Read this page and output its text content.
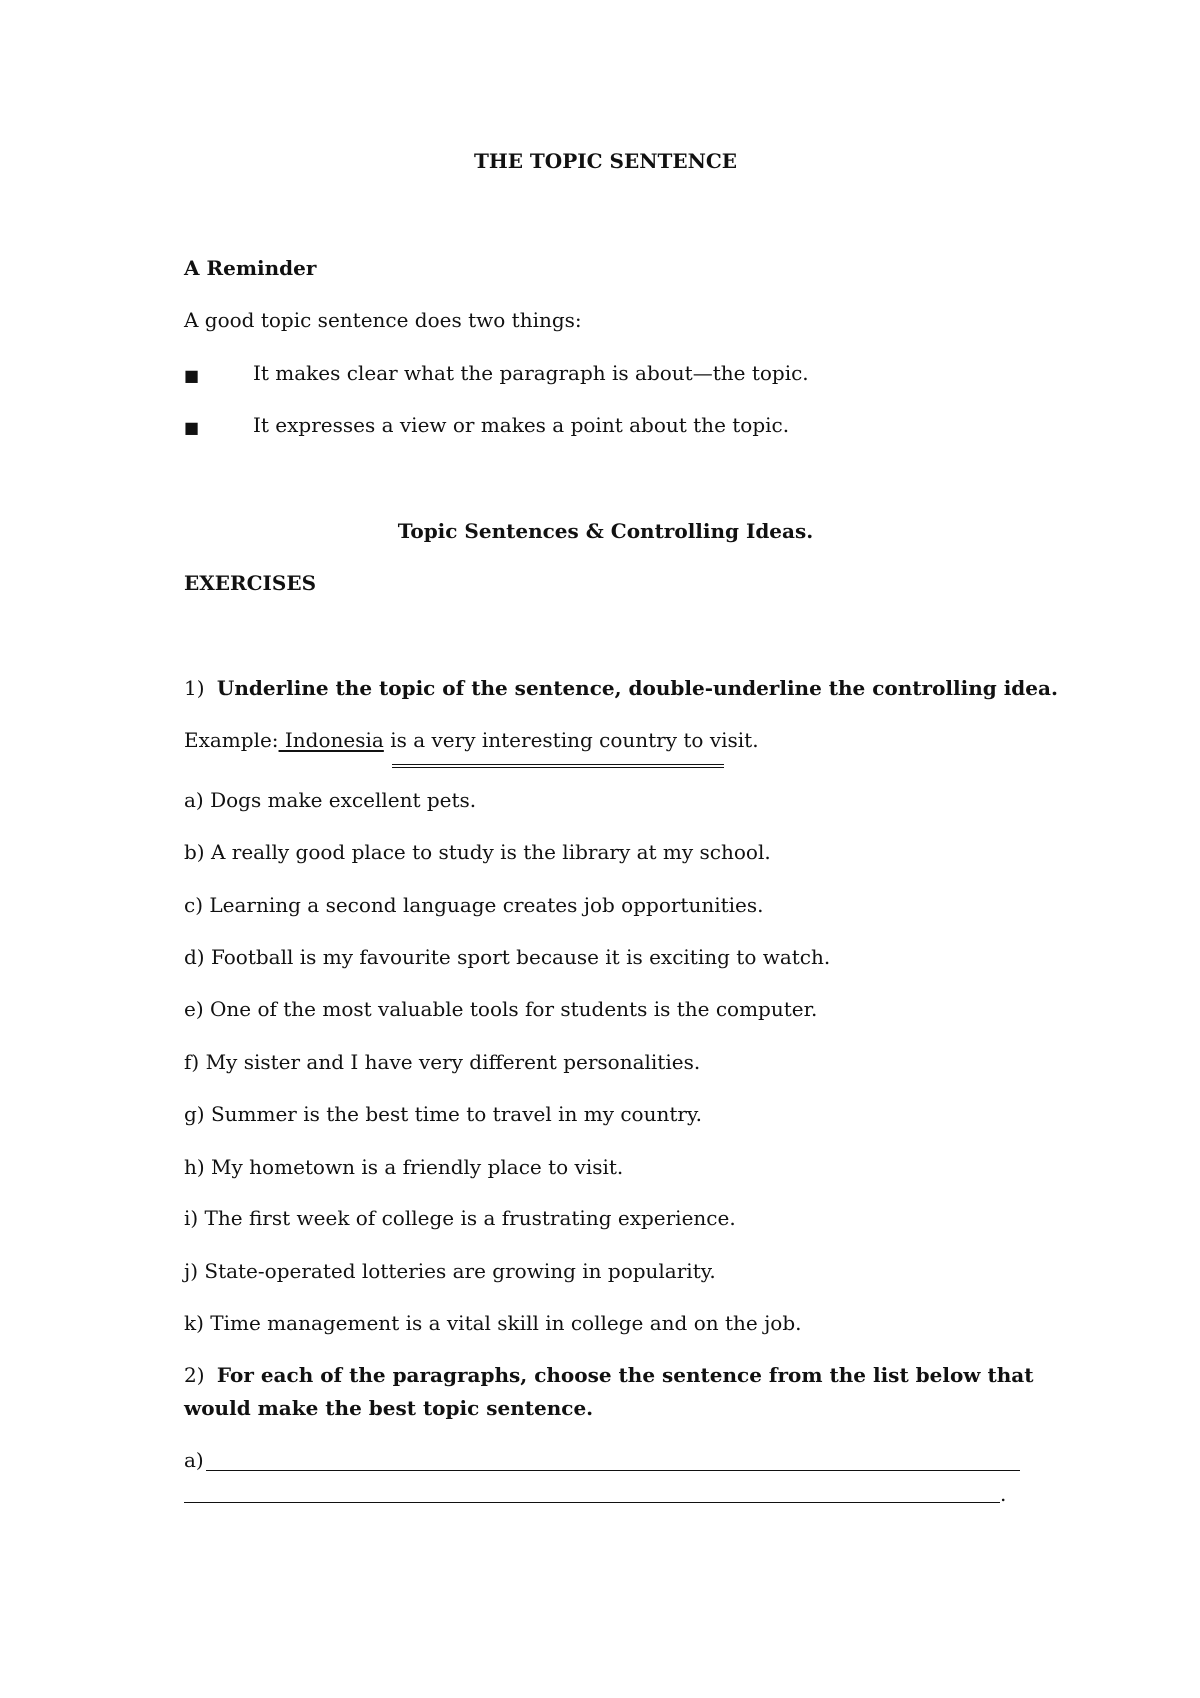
THE TOPIC SENTENCE
A Reminder
A good topic sentence does two things:
■	It makes clear what the paragraph is about—the topic.
■	It expresses a view or makes a point about the topic.
Topic Sentences & Controlling Ideas.
EXERCISES
1) Underline the topic of the sentence, double-underline the controlling idea.
Example: Indonesia is a very interesting country to visit.
a) Dogs make excellent pets.
b) A really good place to study is the library at my school.
c) Learning a second language creates job opportunities.
d) Football is my favourite sport because it is exciting to watch.
e) One of the most valuable tools for students is the computer.
f) My sister and I have very different personalities.
g) Summer is the best time to travel in my country.
h) My hometown is a friendly place to visit.
i) The first week of college is a frustrating experience.
j) State-operated lotteries are growing in popularity.
k) Time management is a vital skill in college and on the job.
2) For each of the paragraphs, choose the sentence from the list below that
would make the best topic sentence.
a)
.
